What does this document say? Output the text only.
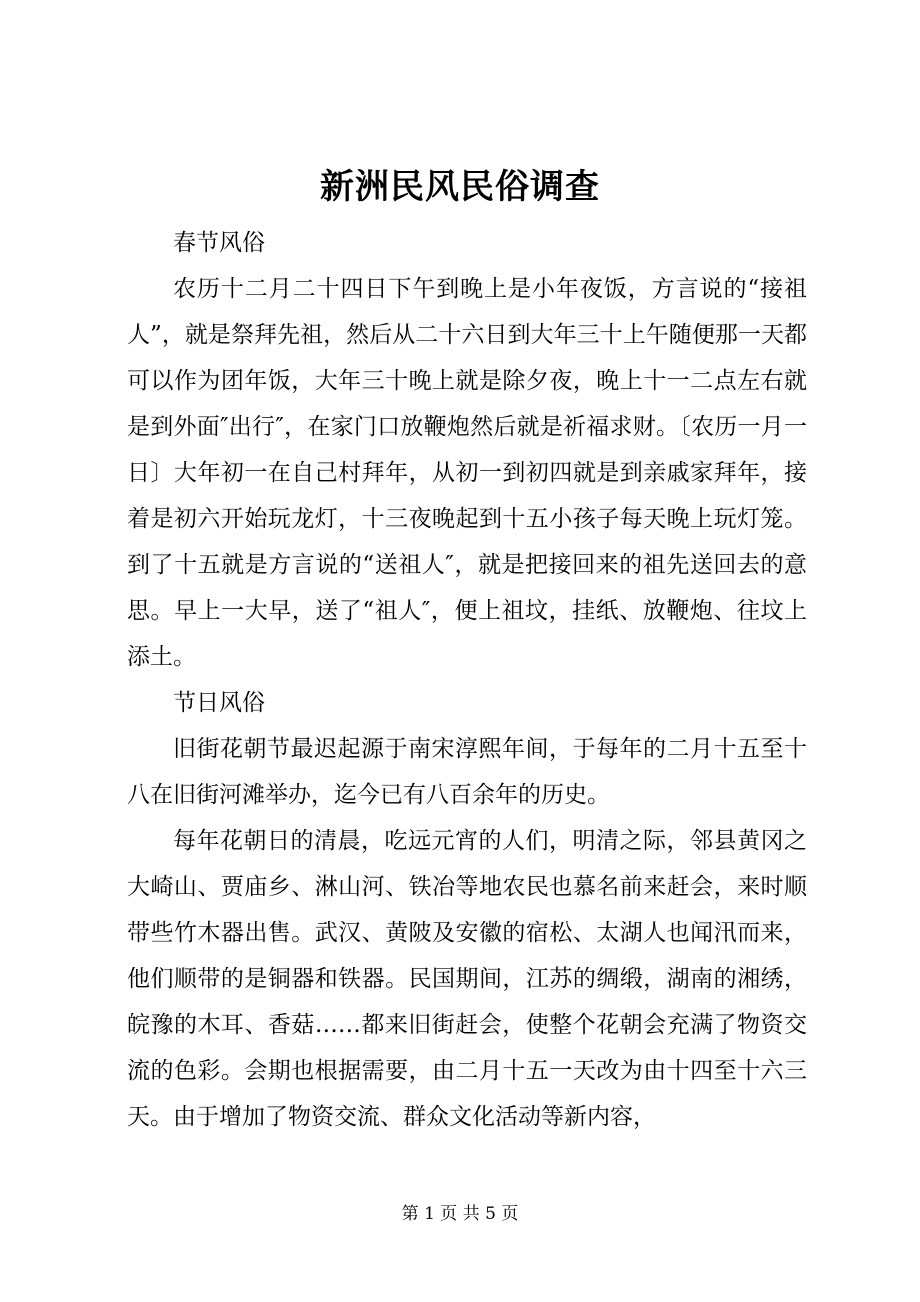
新洲民风民俗调查

春节风俗

农历十二月二十四日下午到晚上是小年夜饭，方言说的“接祖人”，就是祭拜先祖，然后从二十六日到大年三十上午随便那一天都可以作为团年饭，大年三十晚上就是除夕夜，晚上十一二点左右就是到外面″出行″，在家门口放鞭炮然后就是祈福求财。〔农历一月一日〕大年初一在自己村拜年，从初一到初四就是到亲戚家拜年，接着是初六开始玩龙灯，十三夜晚起到十五小孩子每天晚上玩灯笼。到了十五就是方言说的“送祖人″，就是把接回来的祖先送回去的意思。早上一大早，送了“祖人″，便上祖坟，挂纸、放鞭炮、往坟上添土。

节日风俗

旧街花朝节最迟起源于南宋淳熙年间，于每年的二月十五至十八在旧街河滩举办，迄今已有八百余年的历史。

每年花朝日的清晨，吃远元宵的人们，明清之际，邻县黄冈之大崎山、贾庙乡、淋山河、铁冶等地农民也慕名前来赶会，来时顺带些竹木器出售。武汉、黄陂及安徽的宿松、太湖人也闻汛而来，他们顺带的是铜器和铁器。民国期间，江苏的绸缎，湖南的湘绣，皖豫的木耳、香菇……都来旧街赶会，使整个花朝会充满了物资交流的色彩。会期也根据需要，由二月十五一天改为由十四至十六三天。由于增加了物资交流、群众文化活动等新内容，

第 1 页 共 5 页
